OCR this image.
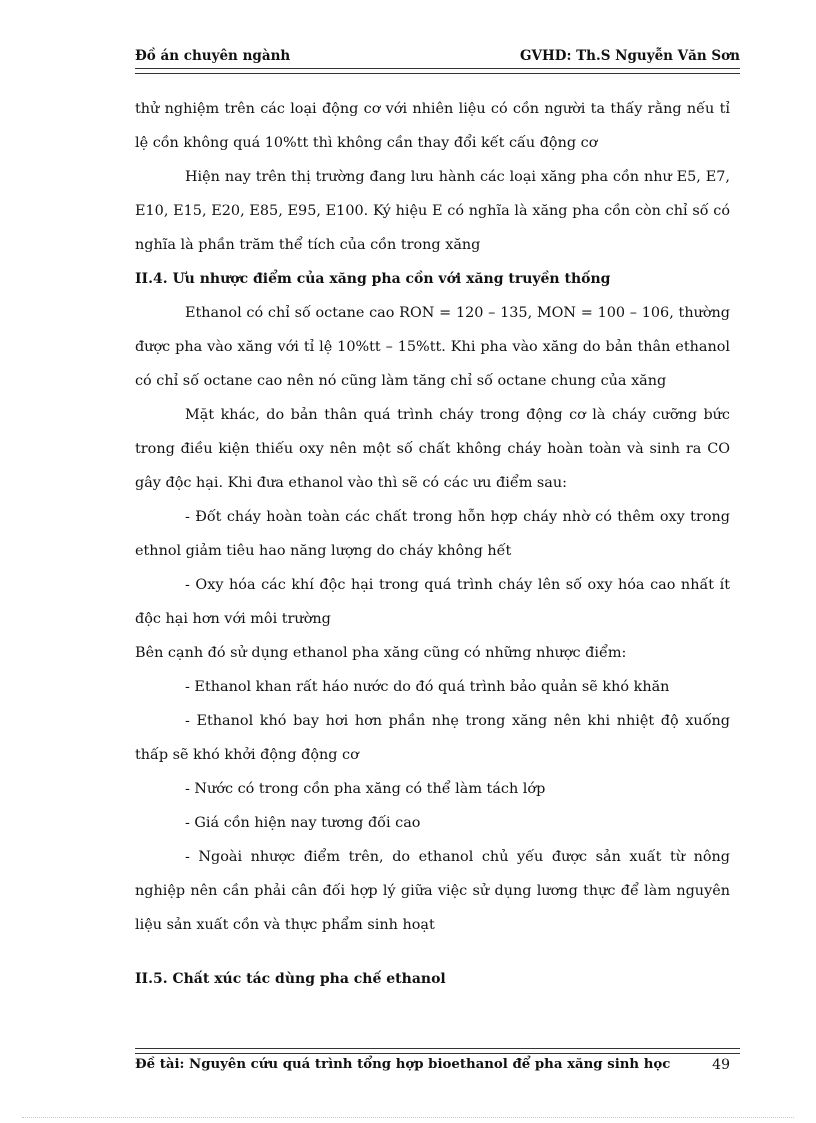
Đồ án chuyên ngành	GVHD: Th.S Nguyễn Văn Sơn

thử nghiệm trên các loại động cơ với nhiên liệu có cồn người ta thấy rằng nếu tỉ lệ cồn không quá 10%tt thì không cần thay đổi kết cấu động cơ

Hiện nay trên thị trường đang lưu hành các loại xăng pha cồn như E5, E7, E10, E15, E20, E85, E95, E100. Ký hiệu E có nghĩa là xăng pha cồn còn chỉ số có nghĩa là phần trăm thể tích của cồn trong xăng

II.4. Ưu nhược điểm của xăng pha cồn với xăng truyền thống

Ethanol có chỉ số octane cao RON = 120 – 135, MON = 100 – 106, thường được pha vào xăng với tỉ lệ 10%tt – 15%tt. Khi pha vào xăng do bản thân ethanol có chỉ số octane cao nên nó cũng làm tăng chỉ số octane chung của xăng

Mặt khác, do bản thân quá trình cháy trong động cơ là cháy cưỡng bức trong điều kiện thiếu oxy nên một số chất không cháy hoàn toàn và sinh ra CO gây độc hại. Khi đưa ethanol vào thì sẽ có các ưu điểm sau:

- Đốt cháy hoàn toàn các chất trong hỗn hợp cháy nhờ có thêm oxy trong ethnol giảm tiêu hao năng lượng do cháy không hết

- Oxy hóa các khí độc hại trong quá trình cháy lên số oxy hóa cao nhất ít độc hại hơn với môi trường

Bên cạnh đó sử dụng ethanol pha xăng cũng có những nhược điểm:

- Ethanol khan rất háo nước do đó quá trình bảo quản sẽ khó khăn

- Ethanol khó bay hơi hơn phần nhẹ trong xăng nên khi nhiệt độ xuống thấp sẽ khó khởi động động cơ

- Nước có trong cồn pha xăng có thể làm tách lớp

- Giá cồn hiện nay tương đối cao

- Ngoài nhược điểm trên, do ethanol chủ yếu được sản xuất từ nông nghiệp nên cần phải cân đối hợp lý giữa việc sử dụng lương thực để làm nguyên liệu sản xuất cồn và thực phẩm sinh hoạt

II.5. Chất xúc tác dùng pha chế ethanol

Đề tài: Nguyên cứu quá trình tổng hợp bioethanol để pha xăng sinh học	49
